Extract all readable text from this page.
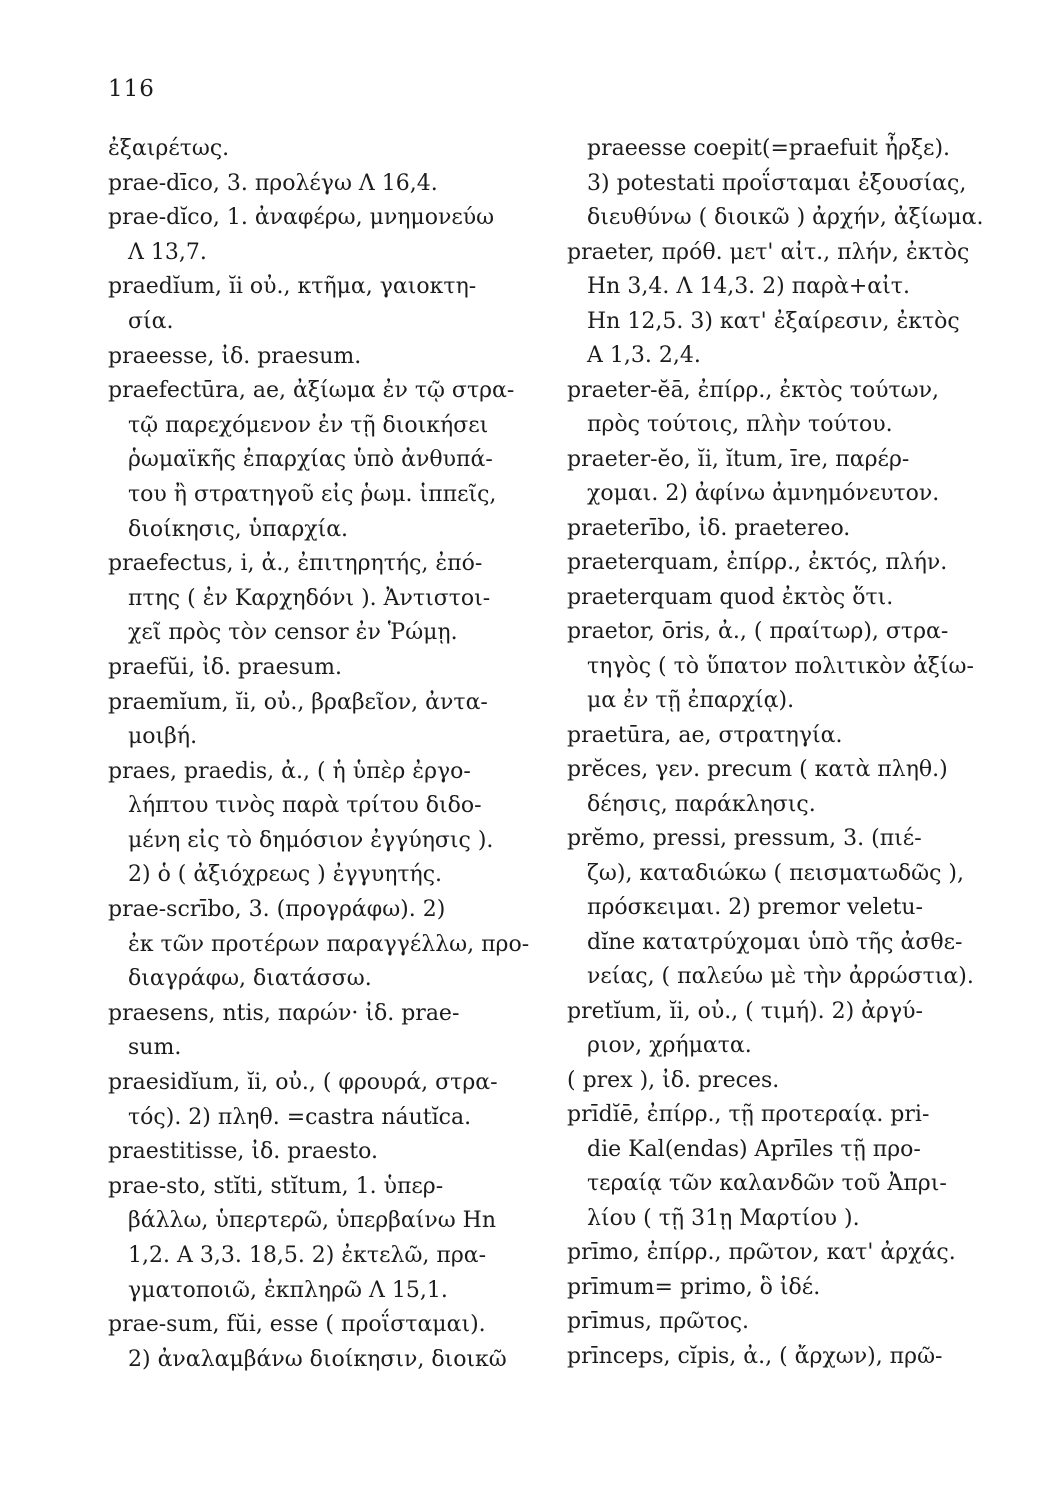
116
ἐξαιρέτως.
prae-dīco, 3. προλέγω Λ 16,4.
prae-dĭco, 1. ἀναφέρω, μνημονεύω
Λ 13,7.
praedĭum, ĭi οὐ., κτῆμα, γαιοκτη-
σία.
praeesse, ἰδ. praesum.
praefectūra, ae, ἀξίωμα ἐν τῷ στρα-
τῷ παρεχόμενον ἐν τῇ διοικήσει
ῥωμαϊκῆς ἐπαρχίας ὑπὸ ἀνθυπά-
του ἢ στρατηγοῦ εἰς ῥωμ. ἱππεῖς,
διοίκησις, ὑπαρχία.
praefectus, i, ἀ., ἐπιτηρητής, ἐπό-
πτης ( ἐν Καρχηδόνι ). Ἀντιστοι-
χεῖ πρὸς τὸν censor ἐν Ῥώμῃ.
praefŭi, ἰδ. praesum.
praemĭum, ĭi, οὐ., βραβεῖον, ἀντα-
μοιβή.
praes, praedis, ἀ., ( ἡ ὑπὲρ ἐργο-
λήπτου τινὸς παρὰ τρίτου διδο-
μένη εἰς τὸ δημόσιον ἐγγύησις ).
2) ὁ ( ἀξιόχρεως ) ἐγγυητής.
prae-scrībo, 3. (προγράφω). 2)
ἐκ τῶν προτέρων παραγγέλλω, προ-
διαγράφω, διατάσσω.
praesens, ntis, παρών· ἰδ. prae-
sum.
praesidĭum, ĭi, οὐ., ( φρουρά, στρα-
τός). 2) πληθ. =castra náutĭca.
praestitisse, ἰδ. praesto.
prae-sto, stĭti, stĭtum, 1. ὑπερ-
βάλλω, ὑπερτερῶ, ὑπερβαίνω Ηn
1,2. Α 3,3. 18,5. 2) ἐκτελῶ, πρα-
γματοποιῶ, ἐκπληρῶ Λ 15,1.
prae-sum, fŭi, esse ( προΐσταμαι).
2) ἀναλαμβάνω διοίκησιν, διοικῶ
praeesse coepit(=praefuit ἦρξε).
3) potestati προΐσταμαι ἐξουσίας,
διευθύνω ( διοικῶ ) ἀρχήν, ἀξίωμα.
praeter, πρόθ. μετ' αἰτ., πλήν, ἐκτὸς
Hn 3,4. Λ 14,3. 2) παρὰ+αἰτ.
Hn 12,5. 3) κατ' ἐξαίρεσιν, ἐκτὸς
Α 1,3. 2,4.
praeter-ĕā, ἐπίρρ., ἐκτὸς τούτων,
πρὸς τούτοις, πλὴν τούτου.
praeter-ĕo, ĭi, ĭtum, īre, παρέρ-
χομαι. 2) ἀφίνω ἀμνημόνευτον.
praeterībo, ἰδ. praetereo.
praeterquam, ἐπίρρ., ἐκτός, πλήν.
praeterquam quod ἐκτὸς ὅτι.
praetor, ōris, ἀ., ( πραίτωρ), στρα-
τηγὸς ( τὸ ὕπατον πολιτικὸν ἀξίω-
μα ἐν τῇ ἐπαρχίᾳ).
praetūra, ae, στρατηγία.
prĕces, γεν. precum ( κατὰ πληθ.)
δέησις, παράκλησις.
prĕmo, pressi, pressum, 3. (πιέ-
ζω), καταδιώκω ( πεισματωδῶς ),
πρόσκειμαι. 2) premor veletu-
dĭne κατατρύχομαι ὑπὸ τῆς ἀσθε-
νείας, ( παλεύω μὲ τὴν ἀρρώστια).
pretĭum, ĭi, οὐ., ( τιμή). 2) ἀργύ-
ριον, χρήματα.
( prex ), ἰδ. preces.
prīdĭē, ἐπίρρ., τῇ προτεραίᾳ. pri-
die Kal(endas) Aprīles τῇ προ-
τεραίᾳ τῶν καλανδῶν τοῦ Ἀπρι-
λίου ( τῇ 31ῃ Μαρτίου ).
prīmo, ἐπίρρ., πρῶτον, κατ' ἀρχάς.
prīmum= primo, ὃ ἰδέ.
prīmus, πρῶτος.
prīnceps, cĭpis, ἀ., ( ἄρχων), πρῶ-
